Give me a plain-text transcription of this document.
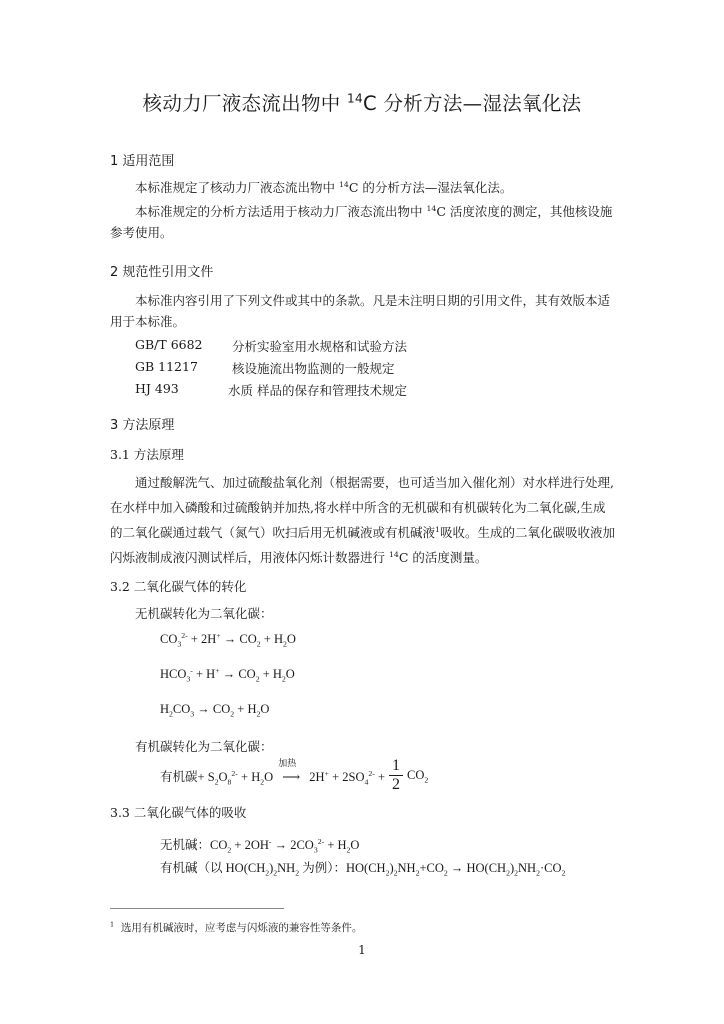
核动力厂液态流出物中 $^{14}$C 分析方法—湿法氧化法
1 适用范围
本标准规定了核动力厂液态流出物中 $^{14}$C 的分析方法—湿法氧化法。
本标准规定的分析方法适用于核动力厂液态流出物中 $^{14}$C 活度浓度的测定，其他核设施参考使用。
2 规范性引用文件
本标准内容引用了下列文件或其中的条款。凡是未注明日期的引用文件，其有效版本适用于本标准。
GB/T 6682 分析实验室用水规格和试验方法
GB 11217	核设施流出物监测的一般规定
HJ 493	水质 样品的保存和管理技术规定
3 方法原理
3.1 方法原理
通过酸解洗气、加过硫酸盐氧化剂（根据需要，也可适当加入催化剂）对水样进行处理,在水样中加入磷酸和过硫酸钠并加热,将水样中所含的无机碳和有机碳转化为二氧化碳,生成的二氧化碳通过载气（氮气）吹扫后用无机碱液或有机碱液$^1$吸收。生成的二氧化碳吸收液加闪烁液制成液闪测试样后，用液体闪烁计数器进行 $^{14}$C 的活度测量。
3.2 二氧化碳气体的转化
无机碳转化为二氧化碳：
$CO_3^{2-} + 2H^+ \to CO_2 + H_2O$
$HCO_3^- + H^+ \to CO_2 + H_2O$
$H_2CO_3 \to CO_2 + H_2O$
有机碳转化为二氧化碳：
有机碳+ $S_2O_8^{2-} + H_2O$
加热
⟶ $2H^+ + 2SO_4^{2-} + \frac{1}{2} CO_2$
3.3 二氧化碳气体的吸收
无机碱：$CO_2 + 2OH^- \to 2CO_3^{2-} + H_2O$
有机碱（以 $HO(CH_2)_2NH_2$ 为例）：$HO(CH_2)_2NH_2+CO_2 \to HO(CH_2)_2NH_2\cdot CO_2$
$^1$ 选用有机碱液时，应考虑与闪烁液的兼容性等条件。
1
